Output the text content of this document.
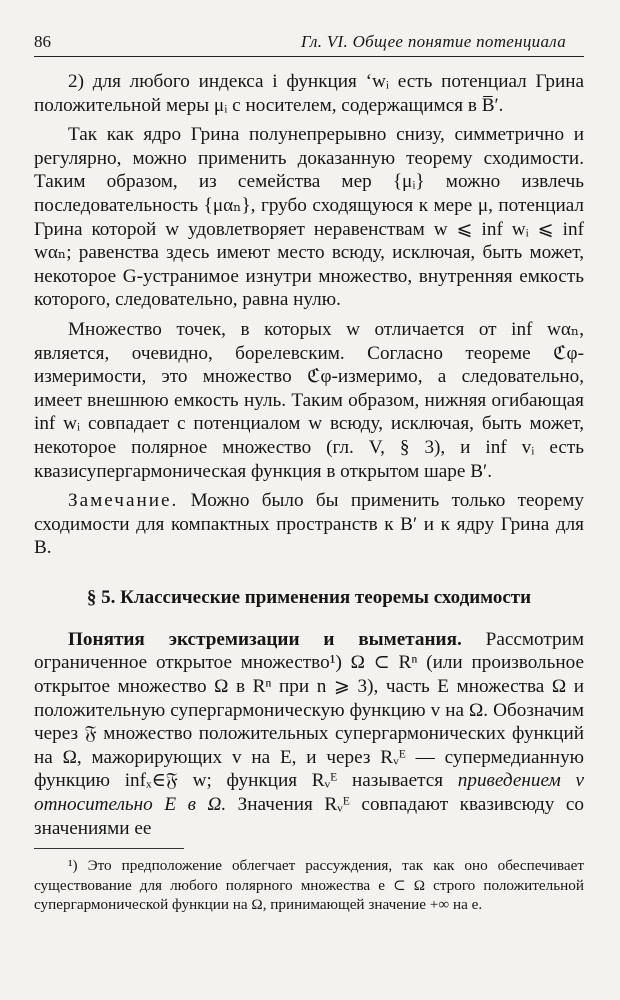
86	Гл. VI. Общее понятие потенциала

2) для любого индекса i функция ‘wᵢ есть потенциал Грина положительной меры μᵢ с носителем, содержащимся в B̅′.

Так как ядро Грина полунепрерывно снизу, симметрично и регулярно, можно применить доказанную теорему сходимости. Таким образом, из семейства мер {μᵢ} можно извлечь последовательность {μαₙ}, грубо сходящуюся к мере μ, потенциал Грина которой w удовлетворяет неравенствам w ⩽ inf wᵢ ⩽ inf wαₙ; равенства здесь имеют место всюду, исключая, быть может, некоторое G-устранимое изнутри множество, внутренняя емкость которого, следовательно, равна нулю.

Множество точек, в которых w отличается от inf wαₙ, является, очевидно, борелевским. Согласно теореме ℭφ-измеримости, это множество ℭφ-измеримо, а следовательно, имеет внешнюю емкость нуль. Таким образом, нижняя огибающая inf wᵢ совпадает с потенциалом w всюду, исключая, быть может, некоторое полярное множество (гл. V, § 3), и inf vᵢ есть квазисупергармоническая функция в открытом шаре B′.

Замечание. Можно было бы применить только теорему сходимости для компактных пространств к B′ и к ядру Грина для B.

§ 5. Классические применения теоремы сходимости

Понятия экстремизации и выметания. Рассмотрим ограниченное открытое множество¹) Ω ⊂ Rⁿ (или произвольное открытое множество Ω в Rⁿ при n ⩾ 3), часть E множества Ω и положительную супергармоническую функцию v на Ω. Обозначим через 𝔉 множество положительных супергармонических функций на Ω, мажорирующих v на E, и через Rᵥᴱ — супермедианную функцию infₓ∈𝔉 w; функция Rᵥᴱ называется приведением v относительно E в Ω. Значения Rᵥᴱ совпадают квазивсюду со значениями ее

¹) Это предположение облегчает рассуждения, так как оно обеспечивает существование для любого полярного множества e ⊂ Ω строго положительной супергармонической функции на Ω, принимающей значение +∞ на e.
